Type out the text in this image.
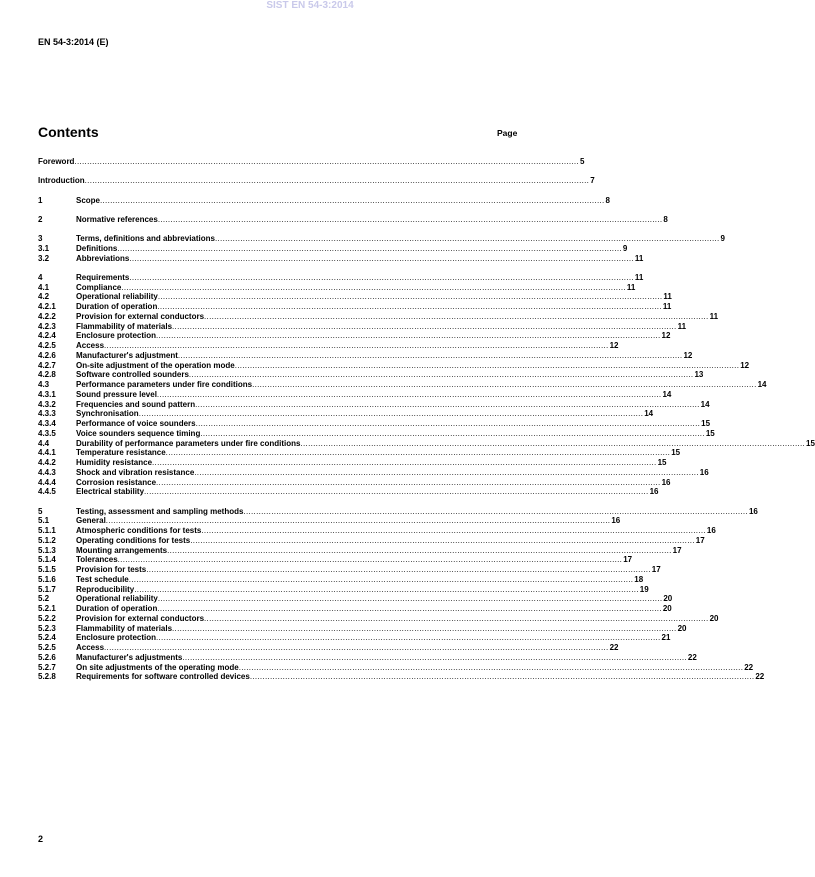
SIST EN 54-3:2014
EN 54-3:2014 (E)
Contents	Page
Foreword ........................................................................................................................................................................................................ 5
Introduction ........................................................................................................................................................................................................ 7
1	Scope ........................................................................................................................................................................................................ 8
2	Normative references ........................................................................................................................................................................................................ 8
3	Terms, definitions and abbreviations ........................................................................................................................................................................................................ 9
3.1	Definitions ........................................................................................................................................................................................................ 9
3.2	Abbreviations ........................................................................................................................................................................................................ 11
4	Requirements ........................................................................................................................................................................................................ 11
4.1	Compliance ........................................................................................................................................................................................................ 11
4.2	Operational reliability ........................................................................................................................................................................................................ 11
4.2.1	Duration of operation ........................................................................................................................................................................................................ 11
4.2.2	Provision for external conductors ........................................................................................................................................................................................................ 11
4.2.3	Flammability of materials ........................................................................................................................................................................................................ 11
4.2.4	Enclosure protection ........................................................................................................................................................................................................ 12
4.2.5	Access ........................................................................................................................................................................................................ 12
4.2.6	Manufacturer's adjustment ........................................................................................................................................................................................................ 12
4.2.7	On-site adjustment of the operation mode ........................................................................................................................................................................................................ 12
4.2.8	Software controlled sounders ........................................................................................................................................................................................................ 13
4.3	Performance parameters under fire conditions ........................................................................................................................................................................................................ 14
4.3.1	Sound pressure level ........................................................................................................................................................................................................ 14
4.3.2	Frequencies and sound pattern ........................................................................................................................................................................................................ 14
4.3.3	Synchronisation ........................................................................................................................................................................................................ 14
4.3.4	Performance of voice sounders ........................................................................................................................................................................................................ 15
4.3.5	Voice sounders sequence timing ........................................................................................................................................................................................................ 15
4.4	Durability of performance parameters under fire conditions ........................................................................................................................................................................................................ 15
4.4.1	Temperature resistance ........................................................................................................................................................................................................ 15
4.4.2	Humidity resistance ........................................................................................................................................................................................................ 15
4.4.3	Shock and vibration resistance ........................................................................................................................................................................................................ 16
4.4.4	Corrosion resistance ........................................................................................................................................................................................................ 16
4.4.5	Electrical stability ........................................................................................................................................................................................................ 16
5	Testing, assessment and sampling methods ........................................................................................................................................................................................................ 16
5.1	General ........................................................................................................................................................................................................ 16
5.1.1	Atmospheric conditions for tests ........................................................................................................................................................................................................ 16
5.1.2	Operating conditions for tests ........................................................................................................................................................................................................ 17
5.1.3	Mounting arrangements ........................................................................................................................................................................................................ 17
5.1.4	Tolerances ........................................................................................................................................................................................................ 17
5.1.5	Provision for tests ........................................................................................................................................................................................................ 17
5.1.6	Test schedule ........................................................................................................................................................................................................ 18
5.1.7	Reproducibility ........................................................................................................................................................................................................ 19
5.2	Operational reliability ........................................................................................................................................................................................................ 20
5.2.1	Duration of operation ........................................................................................................................................................................................................ 20
5.2.2	Provision for external conductors ........................................................................................................................................................................................................ 20
5.2.3	Flammability of materials ........................................................................................................................................................................................................ 20
5.2.4	Enclosure protection ........................................................................................................................................................................................................ 21
5.2.5	Access ........................................................................................................................................................................................................ 22
5.2.6	Manufacturer's adjustments ........................................................................................................................................................................................................ 22
5.2.7	On site adjustments of the operating mode ........................................................................................................................................................................................................ 22
5.2.8	Requirements for software controlled devices ........................................................................................................................................................................................................ 22
2
